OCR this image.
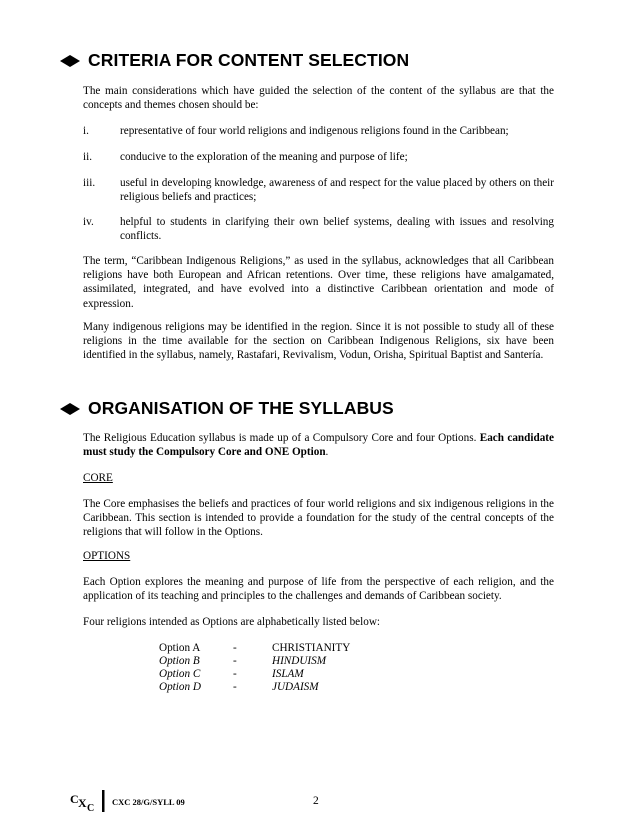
CRITERIA FOR CONTENT SELECTION

The main considerations which have guided the selection of the content of the syllabus are that the concepts and themes chosen should be:

i.	representative of four world religions and indigenous religions found in the Caribbean;
ii. conducive to the exploration of the meaning and purpose of life;
iii. useful in developing knowledge, awareness of and respect for the value placed by others on their religious beliefs and practices;
iv. helpful to students in clarifying their own belief systems, dealing with issues and resolving conflicts.

The term, “Caribbean Indigenous Religions,” as used in the syllabus, acknowledges that all Caribbean religions have both European and African retentions. Over time, these religions have amalgamated, assimilated, integrated, and have evolved into a distinctive Caribbean orientation and mode of expression.

Many indigenous religions may be identified in the region. Since it is not possible to study all of these religions in the time available for the section on Caribbean Indigenous Religions, six have been identified in the syllabus, namely, Rastafari, Revivalism, Vodun, Orisha, Spiritual Baptist and Santería.

ORGANISATION OF THE SYLLABUS

The Religious Education syllabus is made up of a Compulsory Core and four Options. Each candidate must study the Compulsory Core and ONE Option.

CORE

The Core emphasises the beliefs and practices of four world religions and six indigenous religions in the Caribbean. This section is intended to provide a foundation for the study of the central concepts of the religions that will follow in the Options.

OPTIONS

Each Option explores the meaning and purpose of life from the perspective of each religion, and the application of its teaching and principles to the challenges and demands of Caribbean society.

Four religions intended as Options are alphabetically listed below:

Option A	-	CHRISTIANITY
Option B	-	HINDUISM
Option C	-	ISLAM
Option D	-	JUDAISM
C X C
CXC 28/G/SYLL 09	2
